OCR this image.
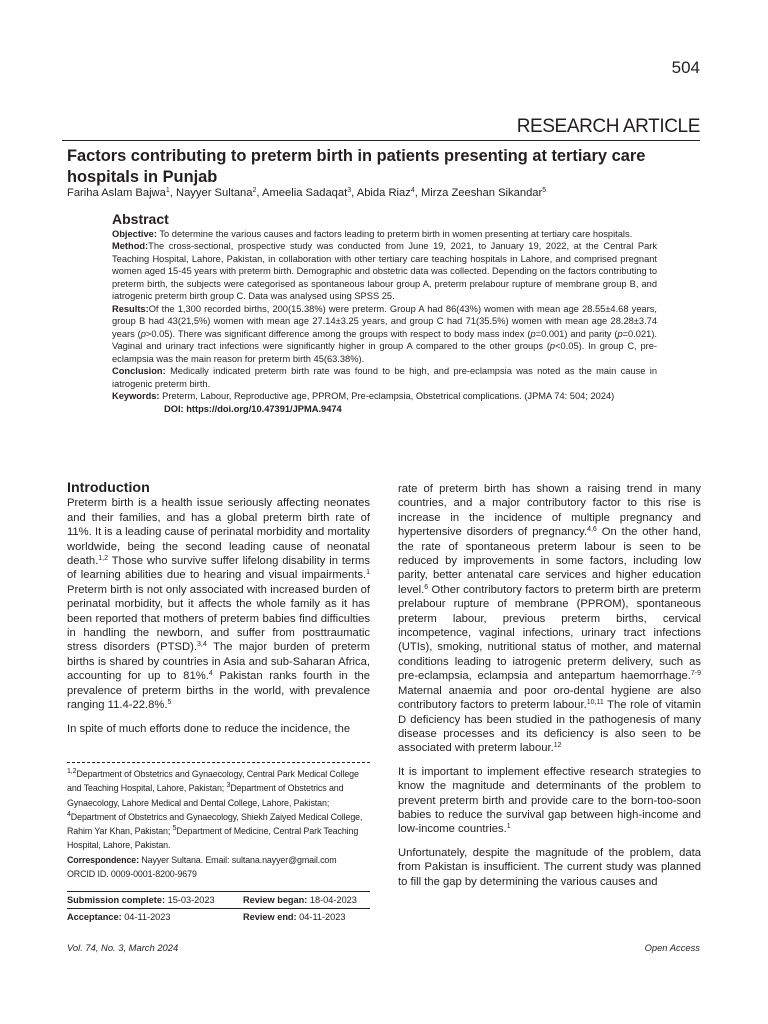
504
RESEARCH ARTICLE
Factors contributing to preterm birth in patients presenting at tertiary care hospitals in Punjab
Fariha Aslam Bajwa$^1$, Nayyer Sultana$^2$, Ameelia Sadaqat$^3$, Abida Riaz$^4$, Mirza Zeeshan Sikandar$^5$
Abstract

Objective: To determine the various causes and factors leading to preterm birth in women presenting at tertiary care hospitals.

Method:The cross-sectional, prospective study was conducted from June 19, 2021, to January 19, 2022, at the Central Park Teaching Hospital, Lahore, Pakistan, in collaboration with other tertiary care teaching hospitals in Lahore, and comprised pregnant women aged 15-45 years with preterm birth. Demographic and obstetric data was collected. Depending on the factors contributing to preterm birth, the subjects were categorised as spontaneous labour group A, preterm prelabour rupture of membrane group B, and iatrogenic preterm birth group C. Data was analysed using SPSS 25.

Results:Of the 1,300 recorded births, 200(15.38%) were preterm. Group A had 86(43%) women with mean age 28.55±4.68 years, group B had 43(21,5%) women with mean age 27.14±3.25 years, and group C had 71(35.5%) women with mean age 28.28±3.74 years (p>0.05). There was significant difference among the groups with respect to body mass index (p=0.001) and parity (p=0.021). Vaginal and urinary tract infections were significantly higher in group A compared to the other groups (p<0.05). In group C, pre-eclampsia was the main reason for preterm birth 45(63.38%).

Conclusion: Medically indicated preterm birth rate was found to be high, and pre-eclampsia was noted as the main cause in iatrogenic preterm birth.

Keywords: Preterm, Labour, Reproductive age, PPROM, Pre-eclampsia, Obstetrical complications. (JPMA 74: 504; 2024)

DOI: https://doi.org/10.47391/JPMA.9474
Introduction

Preterm birth is a health issue seriously affecting neonates and their families, and has a global preterm birth rate of 11%. It is a leading cause of perinatal morbidity and mortality worldwide, being the second leading cause of neonatal death.$^{1,2}$ Those who survive suffer lifelong disability in terms of learning abilities due to hearing and visual impairments.$^1$ Preterm birth is not only associated with increased burden of perinatal morbidity, but it affects the whole family as it has been reported that mothers of preterm babies find difficulties in handling the newborn, and suffer from posttraumatic stress disorders (PTSD).$^{3,4}$ The major burden of preterm births is shared by countries in Asia and sub-Saharan Africa, accounting for up to 81%.$^4$ Pakistan ranks fourth in the prevalence of preterm births in the world, with prevalence ranging 11.4-22.8%.$^5$

In spite of much efforts done to reduce the incidence, the

$^{1,2}$Department of Obstetrics and Gynaecology, Central Park Medical College and Teaching Hospital, Lahore, Pakistan; $^3$Department of Obstetrics and Gynaecology, Lahore Medical and Dental College, Lahore, Pakistan; $^4$Department of Obstetrics and Gynaecology, Shiekh Zaiyed Medical College, Rahim Yar Khan, Pakistan; $^5$Department of Medicine, Central Park Teaching Hospital, Lahore, Pakistan.
Correspondence: Nayyer Sultana. Email: sultana.nayyer@gmail.com
ORCID ID. 0009-0001-8200-9679
Submission complete: 15-03-2023	Review began: 18-04-2023
Acceptance: 04-11-2023	Review end: 04-11-2023

rate of preterm birth has shown a raising trend in many countries, and a major contributory factor to this rise is increase in the incidence of multiple pregnancy and hypertensive disorders of pregnancy.$^{4,6}$ On the other hand, the rate of spontaneous preterm labour is seen to be reduced by improvements in some factors, including low parity, better antenatal care services and higher education level.$^6$ Other contributory factors to preterm birth are preterm prelabour rupture of membrane (PPROM), spontaneous preterm labour, previous preterm births, cervical incompetence, vaginal infections, urinary tract infections (UTIs), smoking, nutritional status of mother, and maternal conditions leading to iatrogenic preterm delivery, such as pre-eclampsia, eclampsia and antepartum haemorrhage.$^{7-9}$ Maternal anaemia and poor oro-dental hygiene are also contributory factors to preterm labour.$^{10,11}$ The role of vitamin D deficiency has been studied in the pathogenesis of many disease processes and its deficiency is also seen to be associated with preterm labour.$^{12}$

It is important to implement effective research strategies to know the magnitude and determinants of the problem to prevent preterm birth and provide care to the born-too-soon babies to reduce the survival gap between high-income and low-income countries.$^1$

Unfortunately, despite the magnitude of the problem, data from Pakistan is insufficient. The current study was planned to fill the gap by determining the various causes and

Vol. 74, No. 3, March 2024	Open Access
